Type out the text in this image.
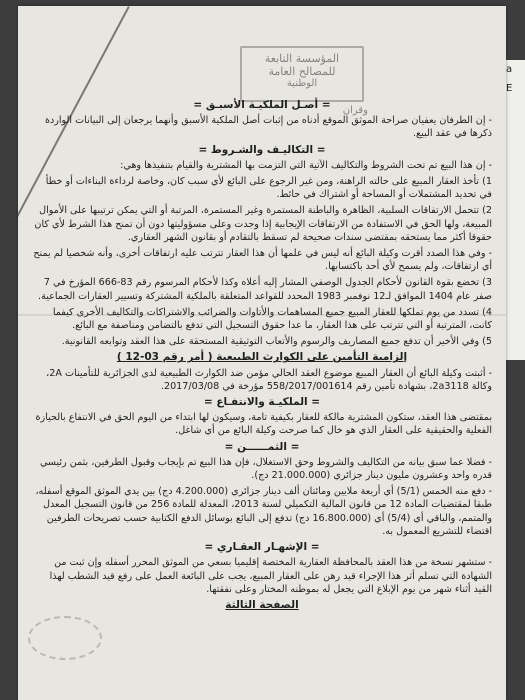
a
E
المؤسسة التابعة
للمصالح العامة
الوطنية
وقران
= أصـل الملكيـة الأسبـق =

- إن الطرفان يعفيان صراحة الموثق الموقع أدناه من إثبات أصل الملكية الأسبق وأنهما يرجعان إلى البيانات الواردة ذكرها في عقد البيع.

= التكاليـف والشـروط =

- إن هذا البيع تم تحت الشروط والتكاليف الآتية التي التزمت بها المشترية والقيام بتنفيذها وهي:

1) تأخذ العقار المبيع على حالته الراهنة، ومن غير الرجوع على البائع لأي سبب كان، وخاصة لرداءة البناءات أو خطأ في تحديد المشتملات أو المساحة أو اشتراك في حائط.

2) تتحمل الارتفاقات السلبية، الظاهرة والباطنة المستمرة وغير المستمرة، المرتبة أو التي يمكن ترتيبها على الأموال المبيعة، ولها الحق في الاستفادة من الارتفاقات الإيجابية إذا وجدت وعلى مسؤوليتها دون أن تمنح هذا الشرط لأي كان حقوقا أكثر مما يستحقه بمقتضى سندات صحيحة لم تسقط بالتقادم أو بقانون الشهر العقاري.

- وفي هذا الصدد أقرت وكيلة البائع أنه ليس في علمها أن هذا العقار تترتب عليه ارتفاقات أخرى، وأنه شخصيا لم يمنح أي ارتفاقات، ولم يسمح لأي أحد باكتسابها.

3) تخضع بقوة القانون لأحكام الجدول الوصفي المشار إليه أعلاه وكذا لأحكام المرسوم رقم 83-666 المؤرخ في 7 صفر عام 1404 الموافق لـ12 نوفمبر 1983 المحدد للقواعد المتعلقة بالملكية المشتركة وتسيير العقارات الجماعية.

4) تسدد من يوم تملكها للعقار المبيع جميع المساهمات والأتاوات والضرائب والاشتراكات والتكاليف الأخرى كيفما كانت، المترتبة أو التي تترتب على هذا العقار، ما عدا حقوق التسجيل التي تدفع بالتضامن ومناصفة مع البائع.

5) وفي الأخير أن تدفع جميع المصاريف والرسوم والأتعاب التوثيقية المستحقة على هذا العقد وتوابعه القانونية.

إلزامية التأمين على الكوارث الطبيعية ( أمر رقم 03-12 )

- أثبتت وكيلة البائع أن العقار المبيع موضوع العقد الحالي مؤمن ضد الكوارث الطبيعية لدى الجزائرية للتأمينات 2A، وكالة 2a3118، بشهادة تأمين رقم 558/2017/001614 مؤرخة في 2017/03/08.

= الملكيـة والانتفـاع =

بمقتضى هذا العقد، ستكون المشترية مالكة للعقار بكيفية تامة، وسيكون لها ابتداء من اليوم الحق في الانتفاع بالحيازة الفعلية والحقيقية على العقار الذي هو خال كما صرحت وكيلة البائع من أي شاغل.

= الثمــــــن =

- فضلا عما سبق بيانه من التكاليف والشروط وحق الاستغلال، فإن هذا البيع تم بإيجاب وقبول الطرفين، بثمن رئيسي قدره واحد وعشرون مليون دينار جزائري (21.000.000 دج).

- دفع منه الخمس (5/1) أي أربعة ملايين ومائتان ألف دينار جزائري (4.200.000 دج) بين يدي الموثق الموقع أسفله، طبقا لمقتضيات المادة 12 من قانون المالية التكميلي لسنة 2013، المعدلة للمادة 256 من قانون التسجيل المعدل والمتمم، والباقي أي (5/4) أي (16.800.000 دج) تدفع إلى البائع بوسائل الدفع الكتابية حسب تصريحات الطرفين اقتضاء للتشريع المعمول به.

= الإشهـار العقـاري =

- ستشهر نسخة من هذا العقد بالمحافظة العقارية المختصة إقليميا بسعي من الموثق المحرر أسفله وإن ثبت من الشهادة التي تسلم أثر هذا الإجراء قيد رهن على العقار المبيع، يجب على البائعة العمل على رفع قيد الشطب لهذا القيد أثناء شهر من يوم الإبلاغ التي يجعل له بموطنه المختار وعلى نفقتها.

الصفحة الثالثة
